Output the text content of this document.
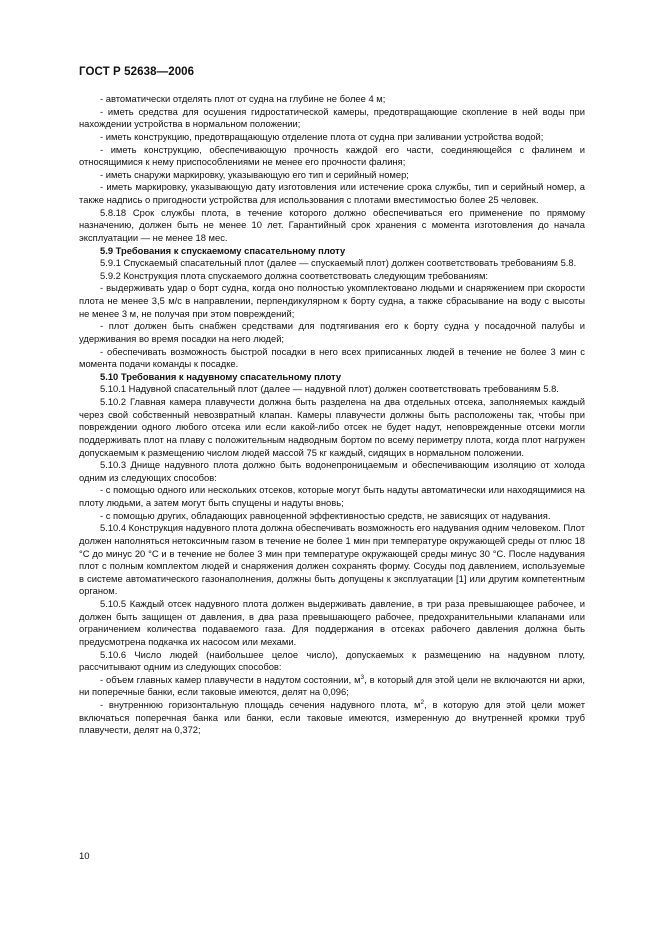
ГОСТ Р 52638—2006

- автоматически отделять плот от судна на глубине не более 4 м;

- иметь средства для осушения гидростатической камеры, предотвращающие скопление в ней воды при нахождении устройства в нормальном положении;

- иметь конструкцию, предотвращающую отделение плота от судна при заливании устройства водой;

- иметь конструкцию, обеспечивающую прочность каждой его части, соединяющейся с фалинем и относящимися к нему приспособлениями не менее его прочности фалиня;

- иметь снаружи маркировку, указывающую его тип и серийный номер;

- иметь маркировку, указывающую дату изготовления или истечение срока службы, тип и серийный номер, а также надпись о пригодности устройства для использования с плотами вместимостью более 25 человек.

5.8.18 Срок службы плота, в течение которого должно обеспечиваться его применение по прямому назначению, должен быть не менее 10 лет. Гарантийный срок хранения с момента изготовления до начала эксплуатации — не менее 18 мес.

5.9 Требования к спускаемому спасательному плоту

5.9.1 Спускаемый спасательный плот (далее — спускаемый плот) должен соответствовать требованиям 5.8.

5.9.2 Конструкция плота спускаемого должна соответствовать следующим требованиям:

- выдерживать удар о борт судна, когда оно полностью укомплектовано людьми и снаряжением при скорости плота не менее 3,5 м/с в направлении, перпендикулярном к борту судна, а также сбрасывание на воду с высоты не менее 3 м, не получая при этом повреждений;

- плот должен быть снабжен средствами для подтягивания его к борту судна у посадочной палубы и удерживания во время посадки на него людей;

- обеспечивать возможность быстрой посадки в него всех приписанных людей в течение не более 3 мин с момента подачи команды к посадке.

5.10 Требования к надувному спасательному плоту

5.10.1 Надувной спасательный плот (далее — надувной плот) должен соответствовать требованиям 5.8.

5.10.2 Главная камера плавучести должна быть разделена на два отдельных отсека, заполняемых каждый через свой собственный невозвратный клапан. Камеры плавучести должны быть расположены так, чтобы при повреждении одного любого отсека или если какой-либо отсек не будет надут, неповрежденные отсеки могли поддерживать плот на плаву с положительным надводным бортом по всему периметру плота, когда плот нагружен допускаемым к размещению числом людей массой 75 кг каждый, сидящих в нормальном положении.

5.10.3 Днище надувного плота должно быть водонепроницаемым и обеспечивающим изоляцию от холода одним из следующих способов:

- с помощью одного или нескольких отсеков, которые могут быть надуты автоматически или находящимися на плоту людьми, а затем могут быть спущены и надуты вновь;

- с помощью других, обладающих равноценной эффективностью средств, не зависящих от надувания.

5.10.4 Конструкция надувного плота должна обеспечивать возможность его надувания одним человеком. Плот должен наполняться нетоксичным газом в течение не более 1 мин при температуре окружающей среды от плюс 18 °С до минус 20 °С и в течение не более 3 мин при температуре окружающей среды минус 30 °С. После надувания плот с полным комплектом людей и снаряжения должен сохранять форму. Сосуды под давлением, используемые в системе автоматического газонаполнения, должны быть допущены к эксплуатации [1] или другим компетентным органом.

5.10.5 Каждый отсек надувного плота должен выдерживать давление, в три раза превышающее рабочее, и должен быть защищен от давления, в два раза превышающего рабочее, предохранительными клапанами или ограничением количества подаваемого газа. Для поддержания в отсеках рабочего давления должна быть предусмотрена подкачка их насосом или мехами.

5.10.6 Число людей (наибольшее целое число), допускаемых к размещению на надувном плоту, рассчитывают одним из следующих способов:

- объем главных камер плавучести в надутом состоянии, $м^3$, в который для этой цели не включаются ни арки, ни поперечные банки, если таковые имеются, делят на 0,096;

- внутреннюю горизонтальную площадь сечения надувного плота, $м^2$, в которую для этой цели может включаться поперечная банка или банки, если таковые имеются, измеренную до внутренней кромки труб плавучести, делят на 0,372;

10
